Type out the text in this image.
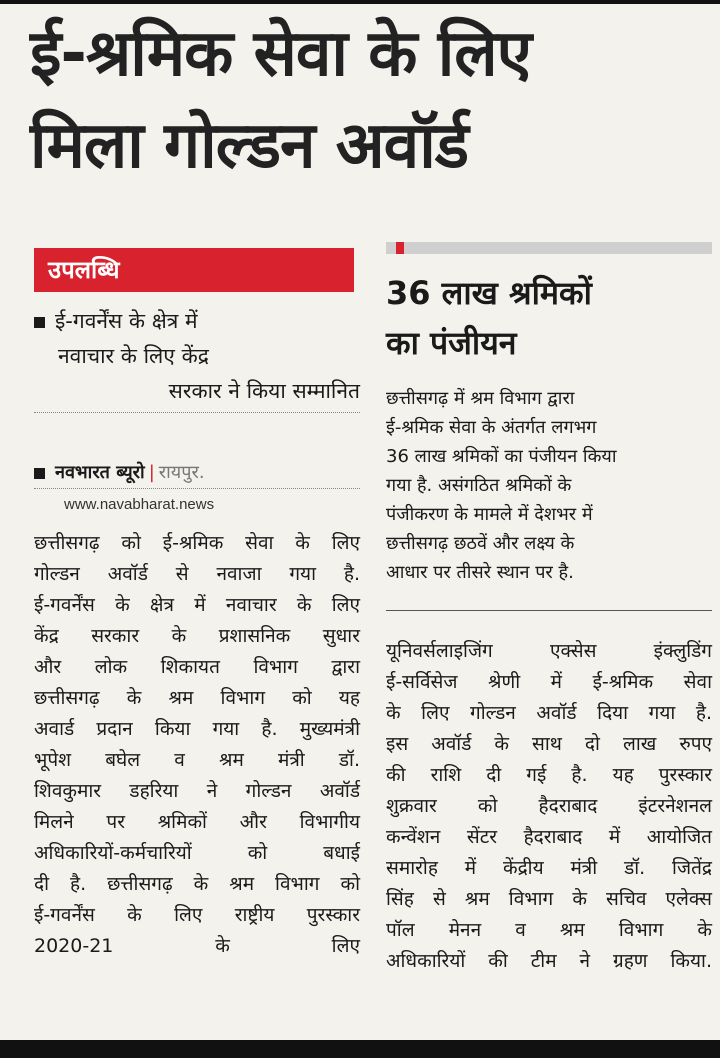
ई-श्रमिक सेवा के लिए
मिला गोल्डन अवॉर्ड
उपलब्धि
ई-गवर्नेंस के क्षेत्र में
नवाचार के लिए केंद्र
सरकार ने किया सम्मानित
नवभारत ब्यूरो | रायपुर.
www.navabharat.news
छत्तीसगढ़ को ई-श्रमिक सेवा के लिए
गोल्डन अवॉर्ड से नवाजा गया है.
ई-गवर्नेंस के क्षेत्र में नवाचार के लिए
केंद्र सरकार के प्रशासनिक सुधार
और लोक शिकायत विभाग द्वारा
छत्तीसगढ़ के श्रम विभाग को यह
अवार्ड प्रदान किया गया है. मुख्यमंत्री
भूपेश बघेल व श्रम मंत्री डॉ.
शिवकुमार डहरिया ने गोल्डन अवॉर्ड
मिलने पर श्रमिकों और विभागीय
अधिकारियों-कर्मचारियों को बधाई
दी है. छत्तीसगढ़ के श्रम विभाग को
ई-गवर्नेंस के लिए राष्ट्रीय पुरस्कार
2020-21 के लिए
36 लाख श्रमिकों
का पंजीयन
छत्तीसगढ़ में श्रम विभाग द्वारा
ई-श्रमिक सेवा के अंतर्गत लगभग
36 लाख श्रमिकों का पंजीयन किया
गया है. असंगठित श्रमिकों के
पंजीकरण के मामले में देशभर में
छत्तीसगढ़ छठवें और लक्ष्य के
आधार पर तीसरे स्थान पर है.
यूनिवर्सलाइजिंग एक्सेस इंक्लुडिंग
ई-सर्विसेज श्रेणी में ई-श्रमिक सेवा
के लिए गोल्डन अवॉर्ड दिया गया है.
इस अवॉर्ड के साथ दो लाख रुपए
की राशि दी गई है. यह पुरस्कार
शुक्रवार को हैदराबाद इंटरनेशनल
कन्वेंशन सेंटर हैदराबाद में आयोजित
समारोह में केंद्रीय मंत्री डॉ. जितेंद्र
सिंह से श्रम विभाग के सचिव एलेक्स
पॉल मेनन व श्रम विभाग के
अधिकारियों की टीम ने ग्रहण किया.
